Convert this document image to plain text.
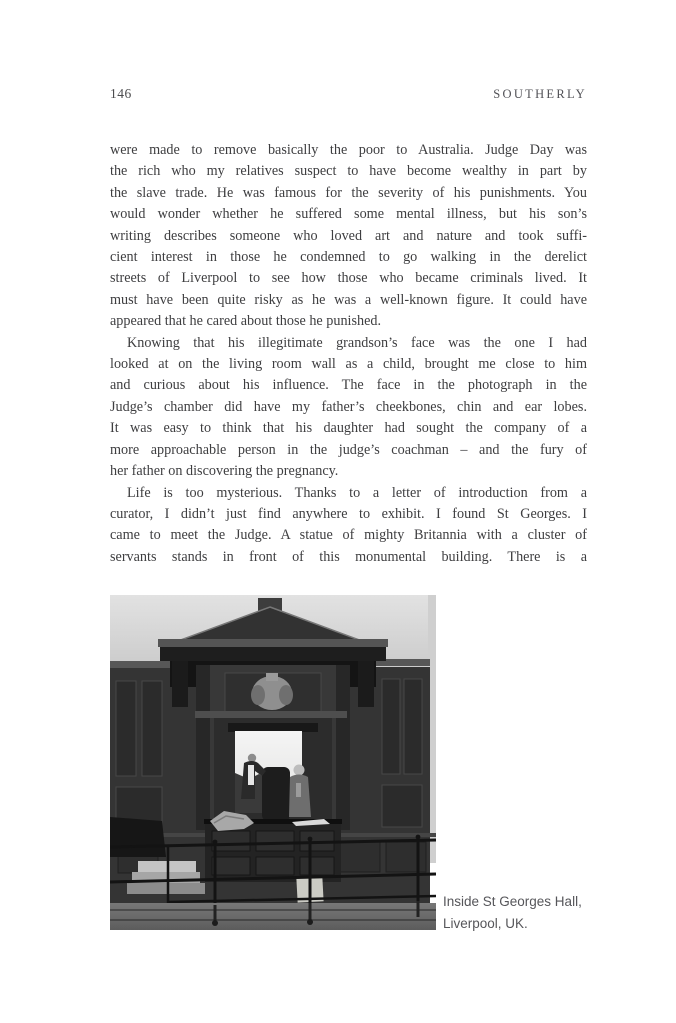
146	SOUTHERLY
were made to remove basically the poor to Australia. Judge Day was
the rich who my relatives suspect to have become wealthy in part by
the slave trade. He was famous for the severity of his punishments. You
would wonder whether he suffered some mental illness, but his son’s
writing describes someone who loved art and nature and took suffi-
cient interest in those he condemned to go walking in the derelict
streets of Liverpool to see how those who became criminals lived. It
must have been quite risky as he was a well-known figure. It could have
appeared that he cared about those he punished.
Knowing that his illegitimate grandson’s face was the one I had
looked at on the living room wall as a child, brought me close to him
and curious about his influence. The face in the photograph in the
Judge’s chamber did have my father’s cheekbones, chin and ear lobes.
It was easy to think that his daughter had sought the company of a
more approachable person in the judge’s coachman – and the fury of
her father on discovering the pregnancy.
Life is too mysterious. Thanks to a letter of introduction from a
curator, I didn’t just find anywhere to exhibit. I found St Georges. I
came to meet the Judge. A statue of mighty Britannia with a cluster of
servants stands in front of this monumental building. There is a
Inside St Georges Hall,
Liverpool, UK.
